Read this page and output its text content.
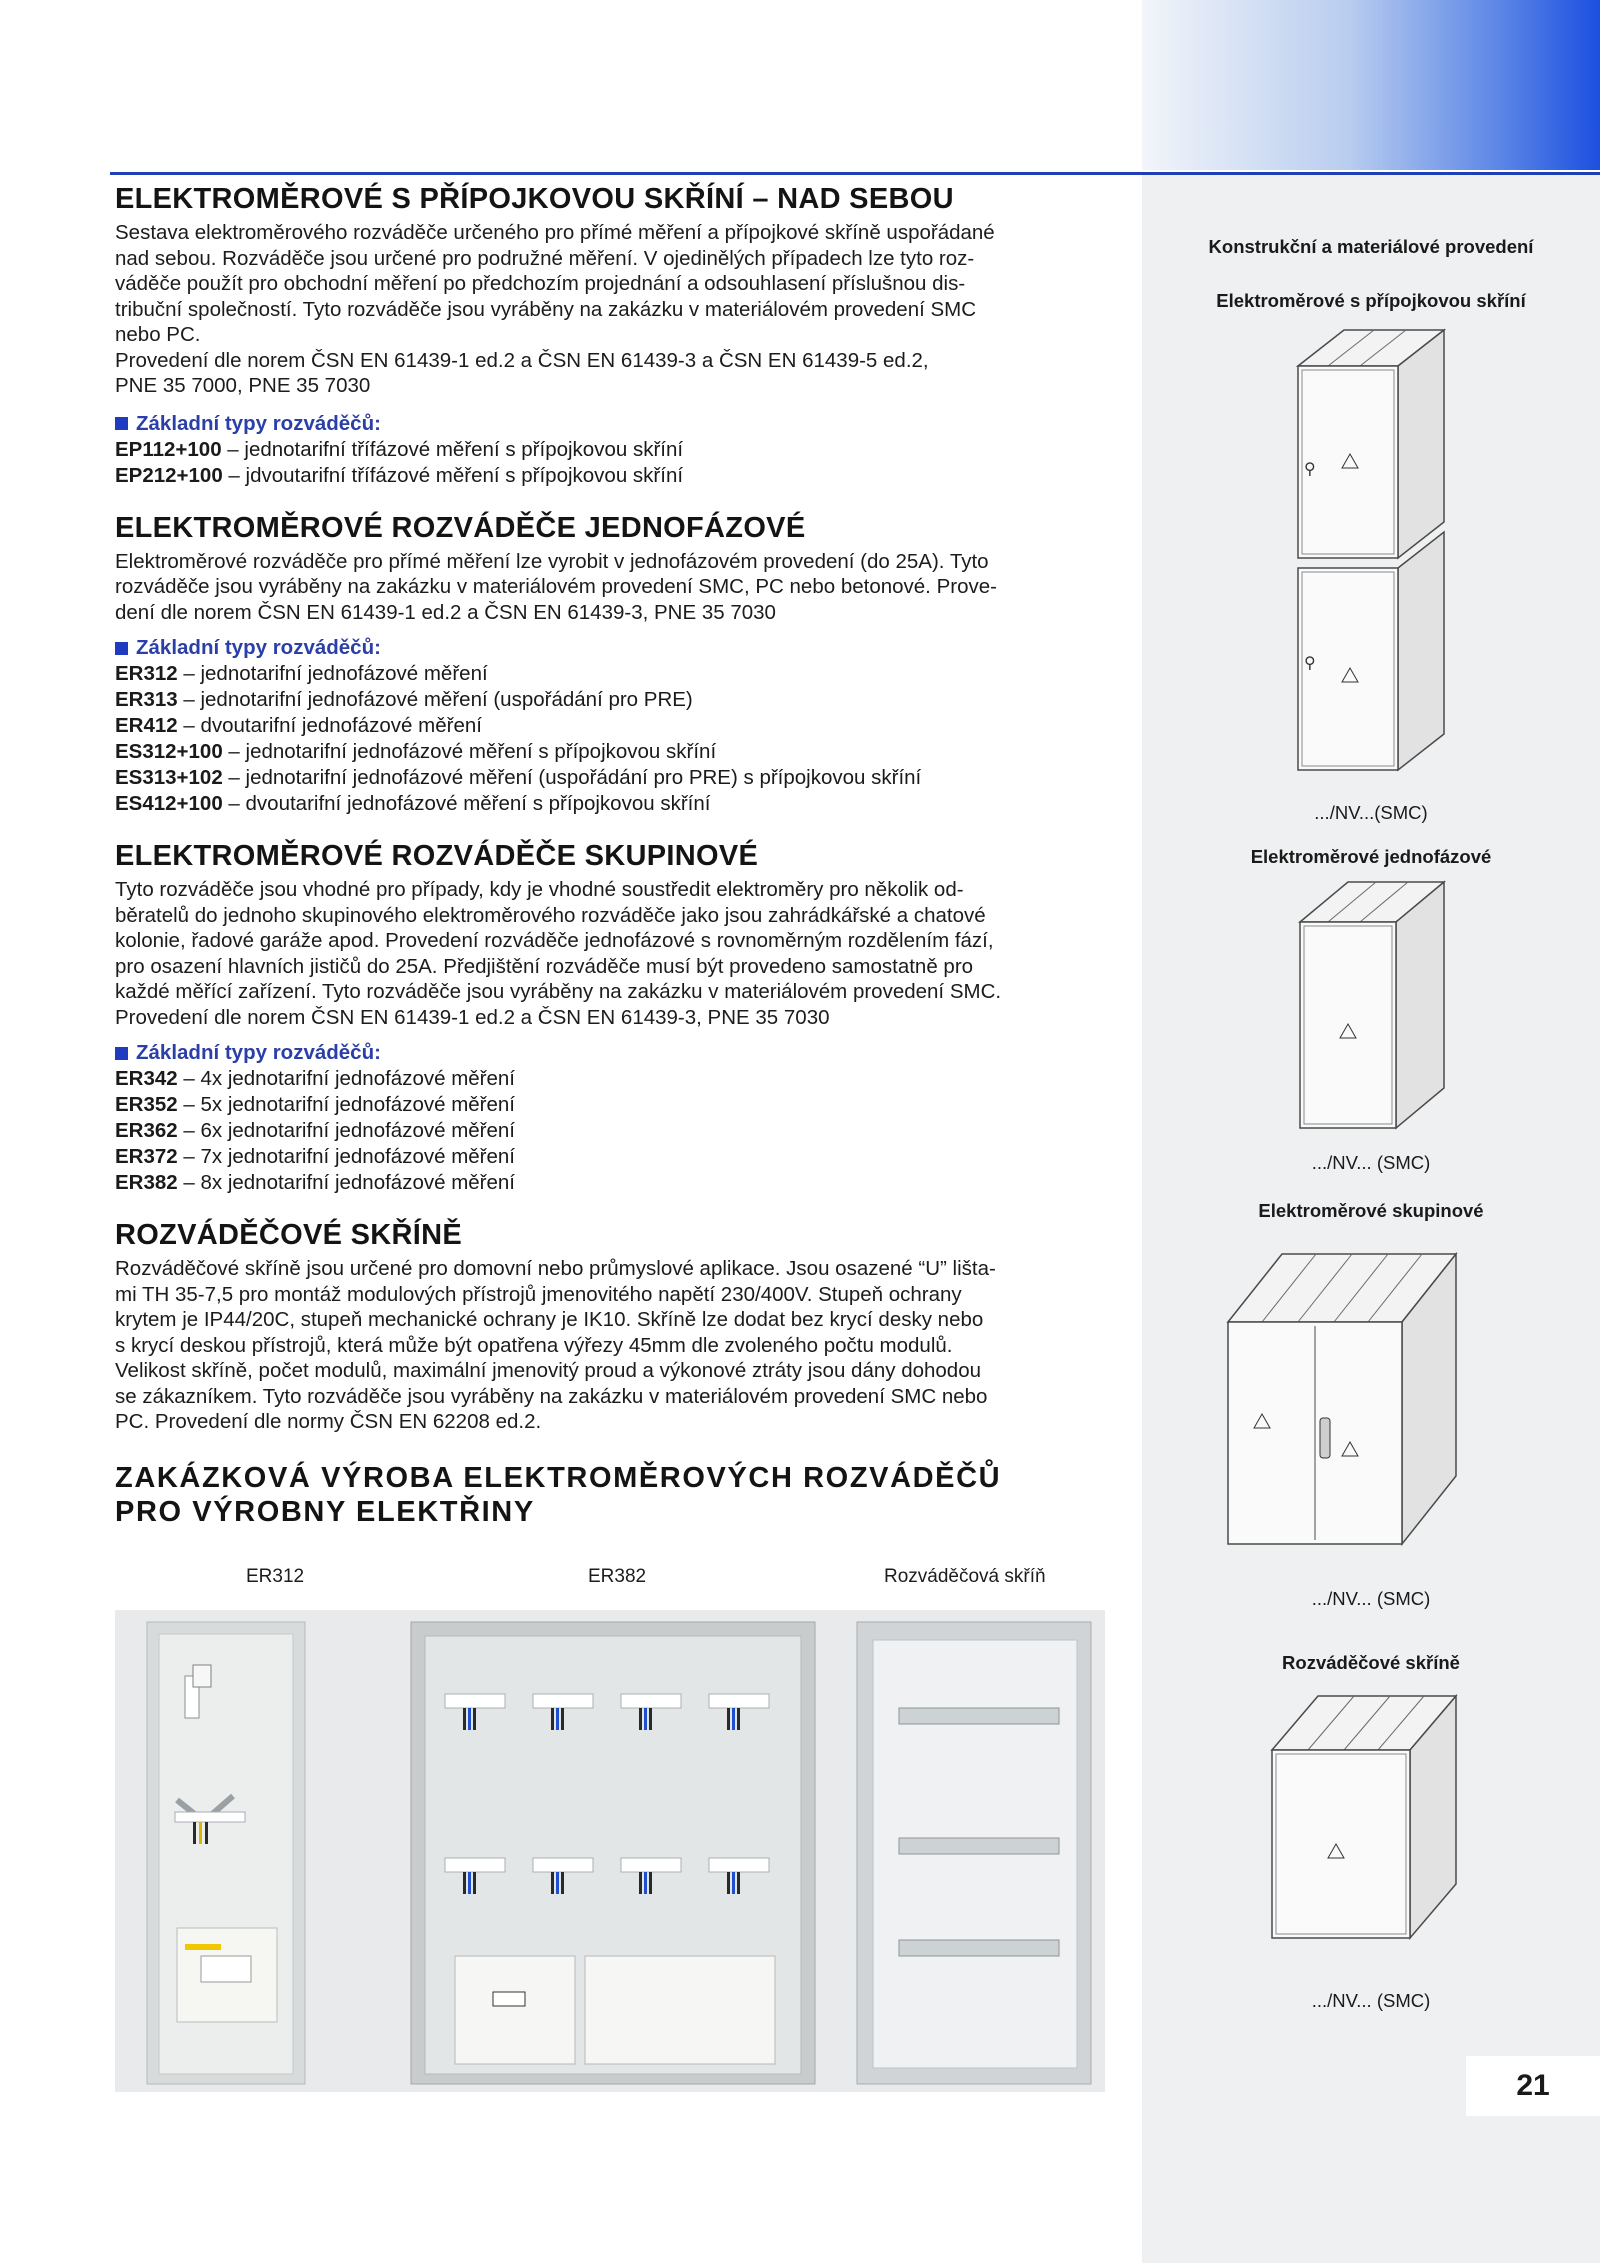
ELEKTROMĚROVÉ S PŘÍPOJKOVOU SKŘÍNÍ – NAD SEBOU

Sestava elektroměrového rozváděče určeného pro přímé měření a přípojkové skříně uspořádané
nad sebou. Rozváděče jsou určené pro podružné měření. V ojedinělých případech lze tyto roz-
váděče použít pro obchodní měření po předchozím projednání a odsouhlasení příslušnou dis-
tribuční společností. Tyto rozváděče jsou vyráběny na zakázku v materiálovém provedení SMC
nebo PC.
Provedení dle norem ČSN EN 61439-1 ed.2 a ČSN EN 61439-3 a ČSN EN 61439-5 ed.2,
PNE 35 7000, PNE 35 7030

Základní typy rozváděčů:
EP112+100 – jednotarifní třífázové měření s přípojkovou skříní
EP212+100 – jdvoutarifní třífázové měření s přípojkovou skříní
ELEKTROMĚROVÉ ROZVÁDĚČE JEDNOFÁZOVÉ

Elektroměrové rozváděče pro přímé měření lze vyrobit v jednofázovém provedení (do 25A). Tyto
rozváděče jsou vyráběny na zakázku v materiálovém provedení SMC, PC nebo betonové. Prove-
dení dle norem ČSN EN 61439-1 ed.2 a ČSN EN 61439-3, PNE 35 7030

Základní typy rozváděčů:
ER312 – jednotarifní jednofázové měření
ER313 – jednotarifní jednofázové měření (uspořádání pro PRE)
ER412 – dvoutarifní jednofázové měření
ES312+100 – jednotarifní jednofázové měření s přípojkovou skříní
ES313+102 – jednotarifní jednofázové měření (uspořádání pro PRE) s přípojkovou skříní
ES412+100 – dvoutarifní jednofázové měření s přípojkovou skříní
ELEKTROMĚROVÉ ROZVÁDĚČE SKUPINOVÉ

Tyto rozváděče jsou vhodné pro případy, kdy je vhodné soustředit elektroměry pro několik od-
běratelů do jednoho skupinového elektroměrového rozváděče jako jsou zahrádkářské a chatové
kolonie, řadové garáže apod. Provedení rozváděče jednofázové s rovnoměrným rozdělením fází,
pro osazení hlavních jističů do 25A. Předjištění rozváděče musí být provedeno samostatně pro
každé měřící zařízení. Tyto rozváděče jsou vyráběny na zakázku v materiálovém provedení SMC.
Provedení dle norem ČSN EN 61439-1 ed.2 a ČSN EN 61439-3, PNE 35 7030

Základní typy rozváděčů:
ER342 – 4x jednotarifní jednofázové měření
ER352 – 5x jednotarifní jednofázové měření
ER362 – 6x jednotarifní jednofázové měření
ER372 – 7x jednotarifní jednofázové měření
ER382 – 8x jednotarifní jednofázové měření
ROZVÁDĚČOVÉ SKŘÍNĚ

Rozváděčové skříně jsou určené pro domovní nebo průmyslové aplikace. Jsou osazené “U” lišta-
mi TH 35-7,5 pro montáž modulových přístrojů jmenovitého napětí 230/400V. Stupeň ochrany
krytem je IP44/20C, stupeň mechanické ochrany je IK10. Skříně lze dodat bez krycí desky nebo
s krycí deskou přístrojů, která může být opatřena výřezy 45mm dle zvoleného počtu modulů.
Velikost skříně, počet modulů, maximální jmenovitý proud a výkonové ztráty jsou dány dohodou
se zákazníkem. Tyto rozváděče jsou vyráběny na zakázku v materiálovém provedení SMC nebo
PC. Provedení dle normy ČSN EN 62208 ed.2.

ZAKÁZKOVÁ VÝROBA ELEKTROMĚROVÝCH ROZVÁDĚČŮ
PRO VÝROBNY ELEKTŘINY
ER312	ER382	Rozváděčová skříň
Konstrukční a materiálové provedení
Elektroměrové s přípojkovou skříní
⚲
⚲
.../NV...(SMC)
Elektroměrové jednofázové
.../NV... (SMC)
Elektroměrové skupinové
.../NV... (SMC)
Rozváděčové skříně
.../NV... (SMC)
21
